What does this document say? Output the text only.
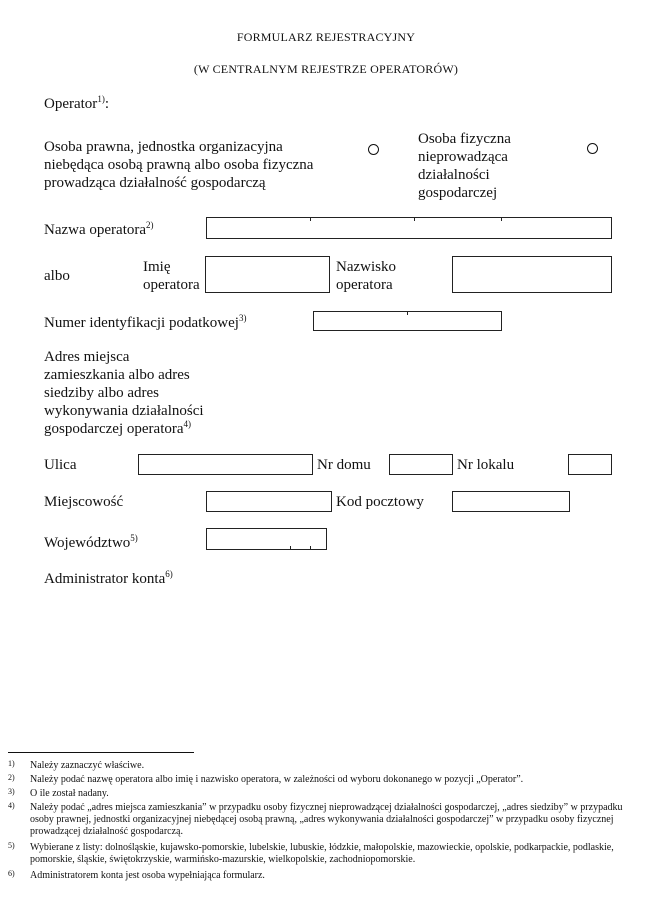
FORMULARZ REJESTRACYJNY
(W CENTRALNYM REJESTRZE OPERATORÓW)
Operator$^{1)}$:
Osoba prawna, jednostka organizacyjna niebędąca osobą prawną albo osoba fizyczna prowadząca działalność gospodarczą
Osoba fizyczna nieprowadząca działalności gospodarczej
Nazwa operatora$^{2)}$
albo
Imię operatora
Nazwisko operatora
Numer identyfikacji podatkowej$^{3)}$
Adres miejsca zamieszkania albo adres siedziby albo adres wykonywania działalności gospodarczej operatora$^{4)}$
Ulica	Nr domu	Nr lokalu
Miejscowość	Kod pocztowy
Województwo$^{5)}$
Administrator konta$^{6)}$
1) Należy zaznaczyć właściwe.
2) Należy podać nazwę operatora albo imię i nazwisko operatora, w zależności od wyboru dokonanego w pozycji „Operator”.
3) O ile został nadany.
4) Należy podać „adres miejsca zamieszkania” w przypadku osoby fizycznej nieprowadzącej działalności gospodarczej, „adres siedziby” w przypadku osoby prawnej, jednostki organizacyjnej niebędącej osobą prawną, „adres wykonywania działalności gospodarczej” w przypadku osoby fizycznej prowadzącej działalność gospodarczą.
5) Wybierane z listy: dolnośląskie, kujawsko-pomorskie, lubelskie, lubuskie, łódzkie, małopolskie, mazowieckie, opolskie, podkarpackie, podlaskie, pomorskie, śląskie, świętokrzyskie, warmińsko-mazurskie, wielkopolskie, zachodniopomorskie.
6) Administratorem konta jest osoba wypełniająca formularz.
